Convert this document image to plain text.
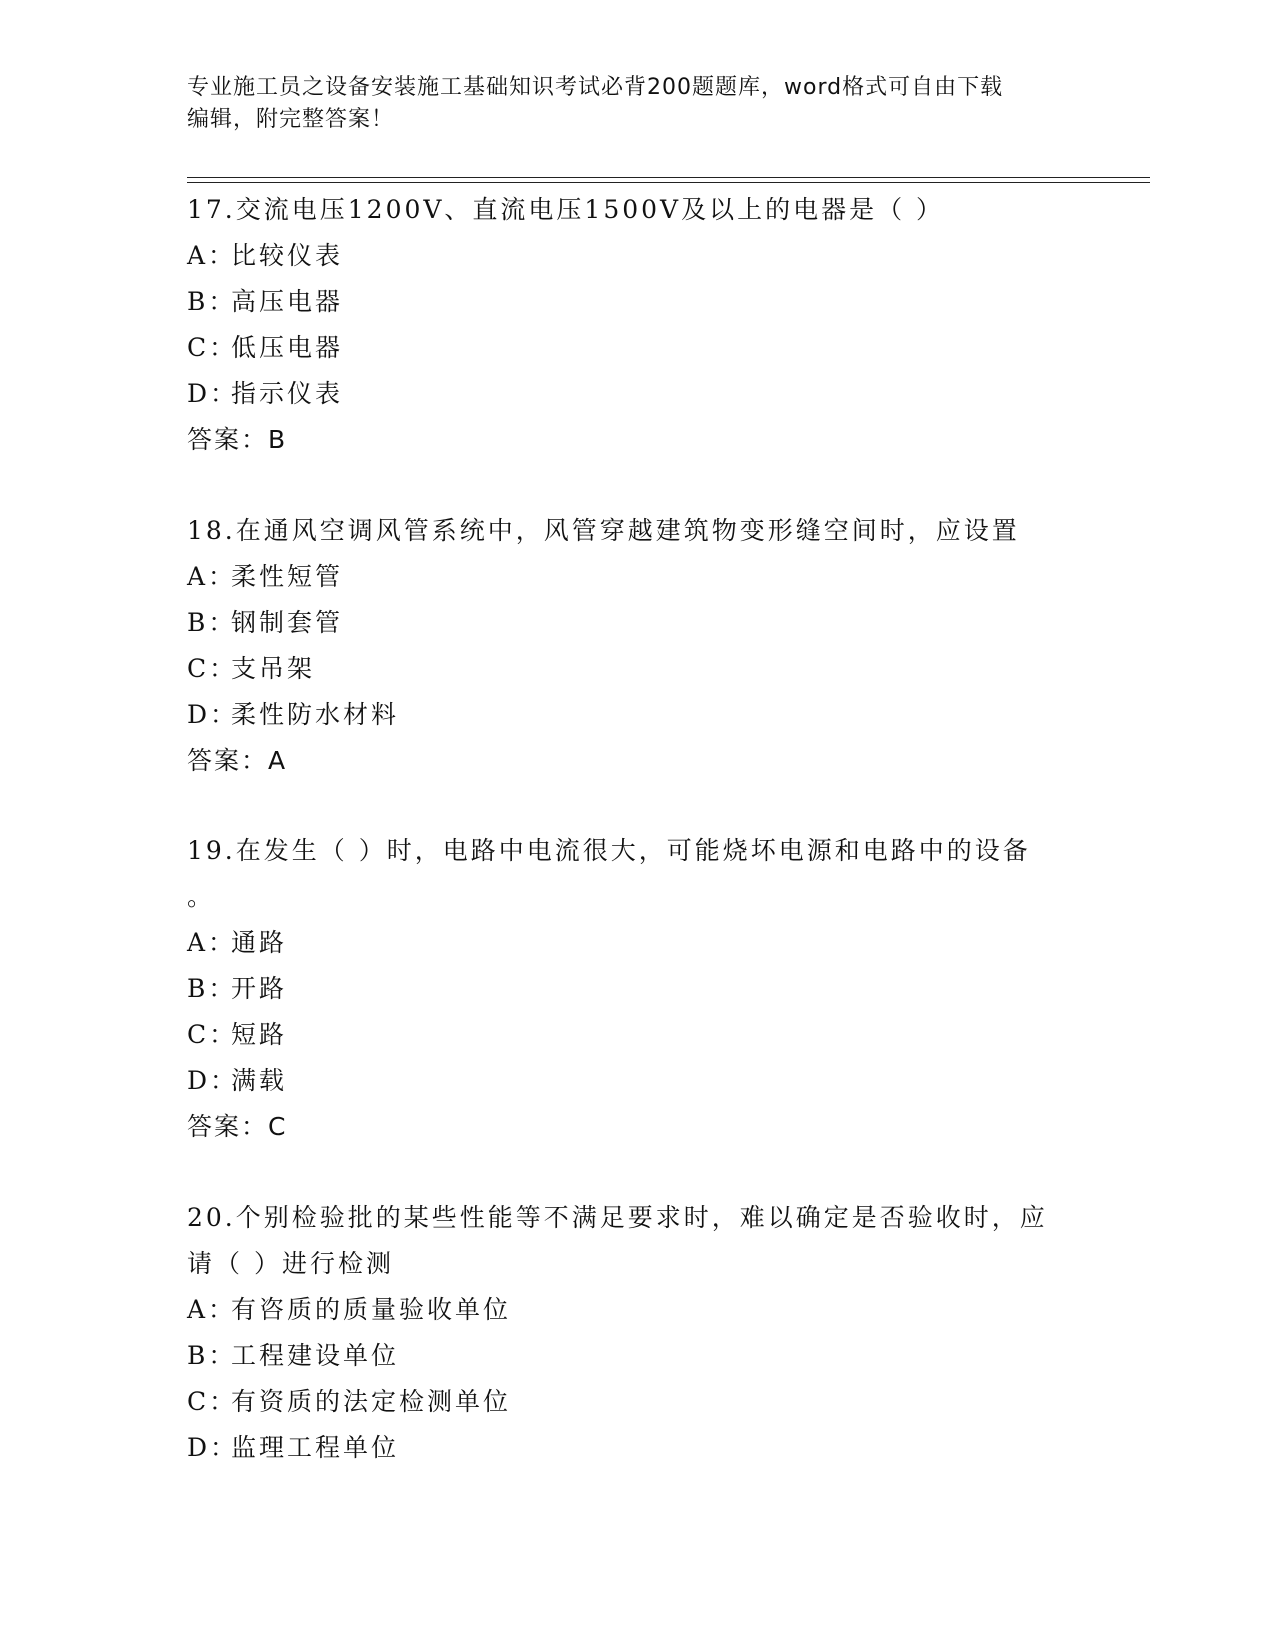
专业施工员之设备安装施工基础知识考试必背200题题库，word格式可自由下载
编辑，附完整答案！
17.交流电压1200V、直流电压1500V及以上的电器是（ ）
A：比较仪表
B：高压电器
C：低压电器
D：指示仪表
答案：B
18.在通风空调风管系统中，风管穿越建筑物变形缝空间时，应设置
A：柔性短管
B：钢制套管
C：支吊架
D：柔性防水材料
答案：A
19.在发生（ ）时，电路中电流很大，可能烧坏电源和电路中的设备
。
A：通路
B：开路
C：短路
D：满载
答案：C
20.个别检验批的某些性能等不满足要求时，难以确定是否验收时，应
请（ ）进行检测
A：有咨质的质量验收单位
B：工程建设单位
C：有资质的法定检测单位
D：监理工程单位
